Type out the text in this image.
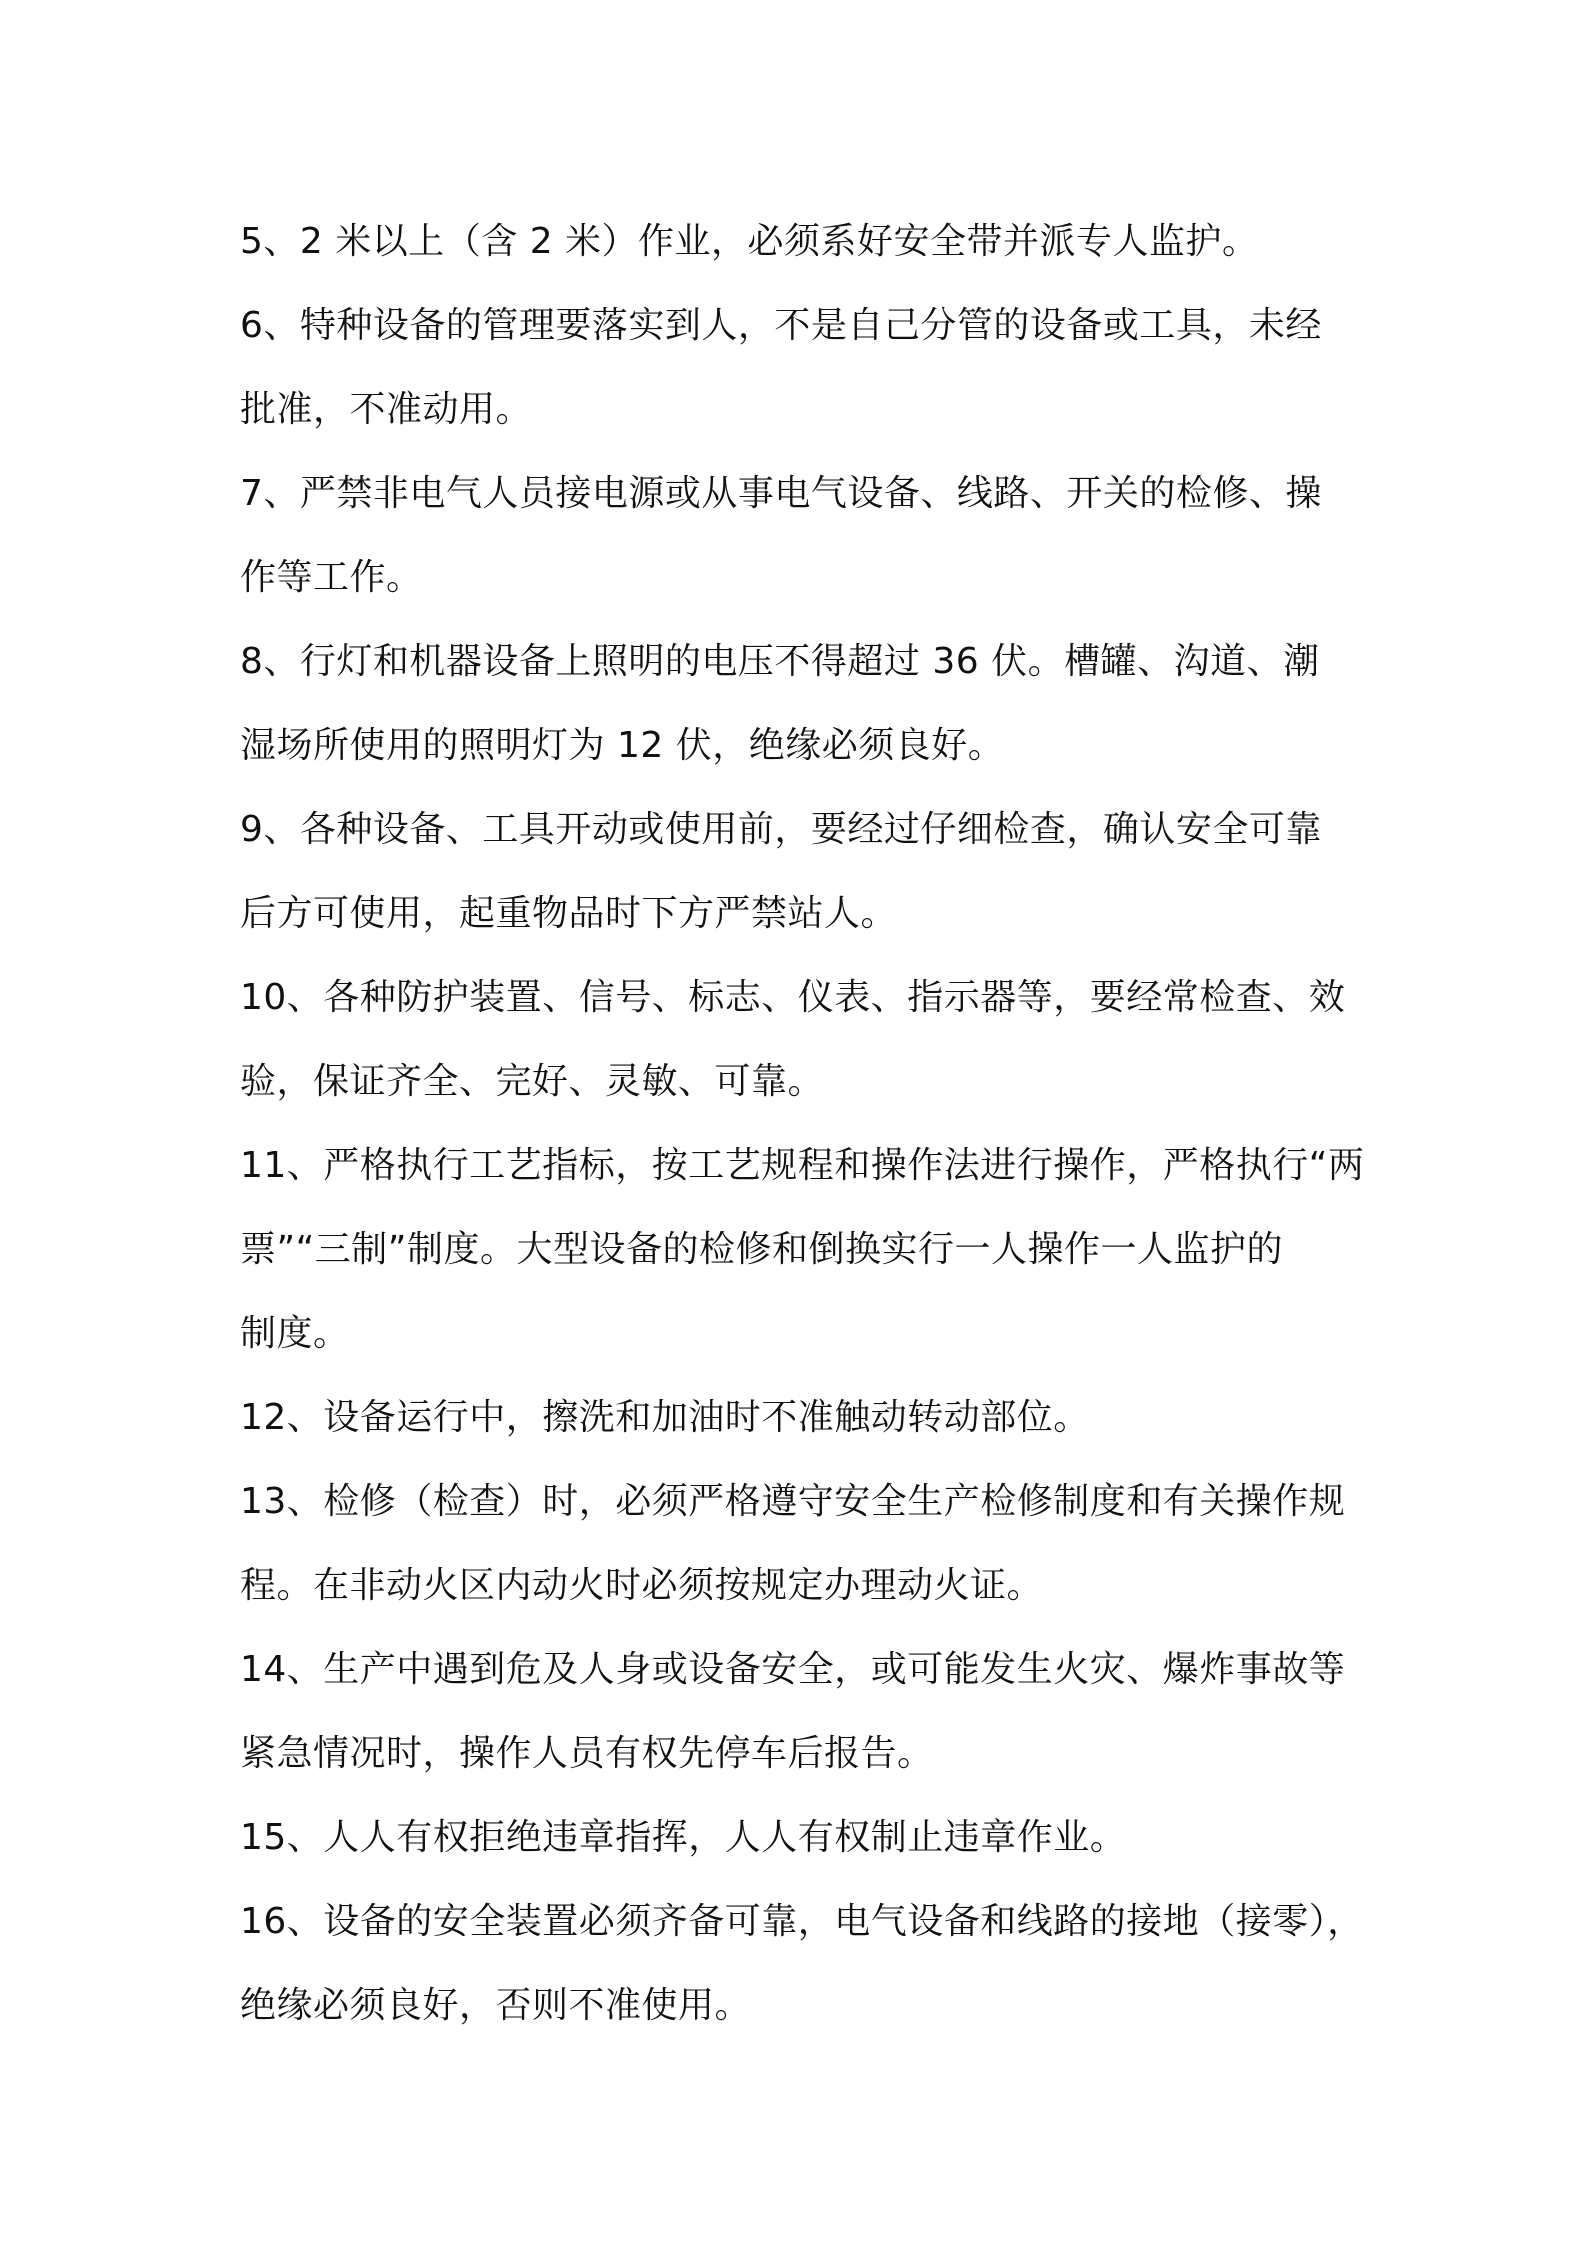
5、2 米以上（含 2 米）作业，必须系好安全带并派专人监护。
6、特种设备的管理要落实到人，不是自己分管的设备或工具，未经
批准，不准动用。
7、严禁非电气人员接电源或从事电气设备、线路、开关的检修、操
作等工作。
8、行灯和机器设备上照明的电压不得超过 36 伏。槽罐、沟道、潮
湿场所使用的照明灯为 12 伏，绝缘必须良好。
9、各种设备、工具开动或使用前，要经过仔细检查，确认安全可靠
后方可使用，起重物品时下方严禁站人。
10、各种防护装置、信号、标志、仪表、指示器等，要经常检查、效
验，保证齐全、完好、灵敏、可靠。
11、严格执行工艺指标，按工艺规程和操作法进行操作，严格执行“两
票”“三制”制度。大型设备的检修和倒换实行一人操作一人监护的
制度。
12、设备运行中，擦洗和加油时不准触动转动部位。
13、检修（检查）时，必须严格遵守安全生产检修制度和有关操作规
程。在非动火区内动火时必须按规定办理动火证。
14、生产中遇到危及人身或设备安全，或可能发生火灾、爆炸事故等
紧急情况时，操作人员有权先停车后报告。
15、人人有权拒绝违章指挥，人人有权制止违章作业。
16、设备的安全装置必须齐备可靠，电气设备和线路的接地（接零），
绝缘必须良好，否则不准使用。
